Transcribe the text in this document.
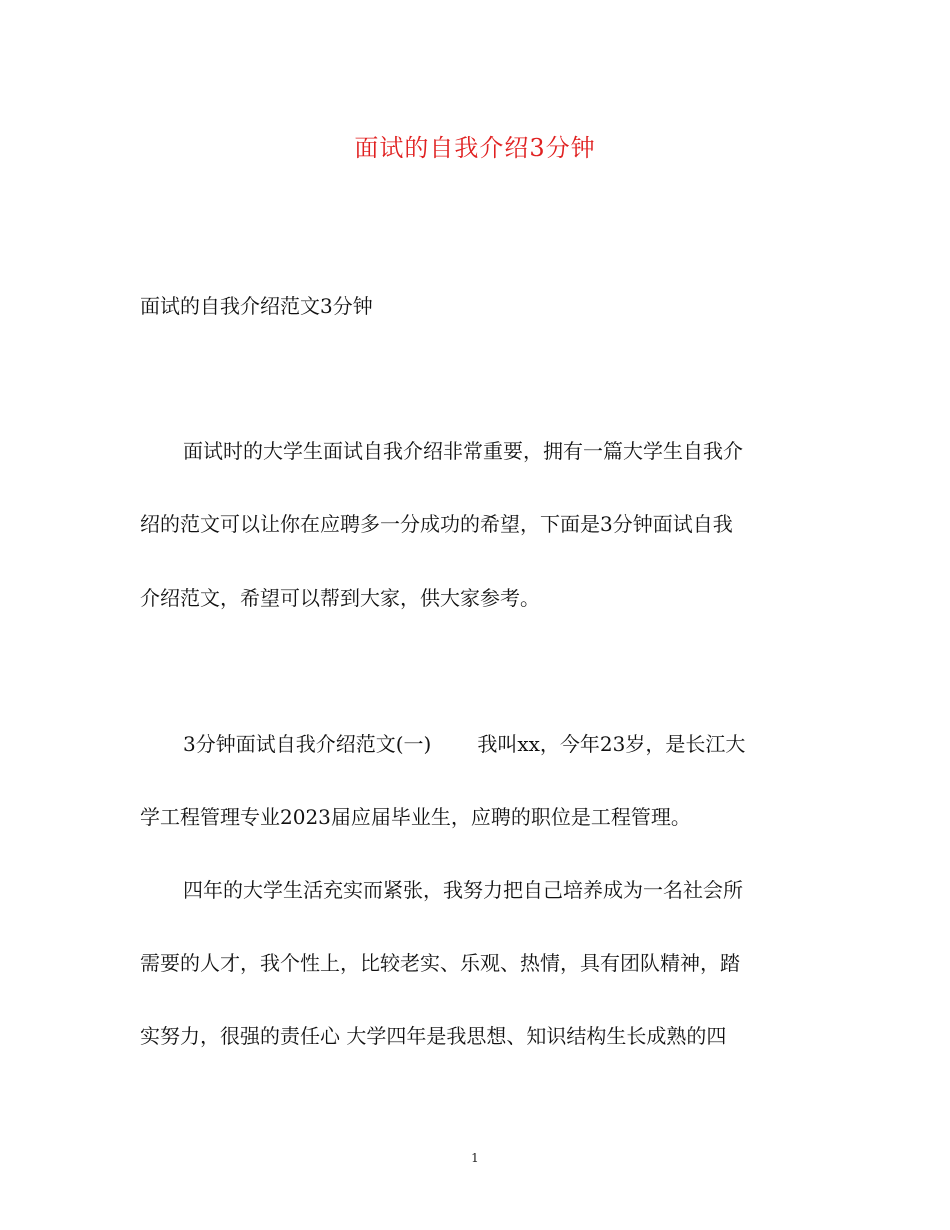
面试的自我介绍3分钟
面试的自我介绍范文3分钟
面试时的大学生面试自我介绍非常重要，拥有一篇大学生自我介
绍的范文可以让你在应聘多一分成功的希望，下面是3分钟面试自我
介绍范文，希望可以帮到大家，供大家参考。
3分钟面试自我介绍范文(一) 我叫xx，今年23岁，是长江大
学工程管理专业2023届应届毕业生，应聘的职位是工程管理。
四年的大学生活充实而紧张，我努力把自己培养成为一名社会所
需要的人才，我个性上，比较老实、乐观、热情，具有团队精神，踏
实努力，很强的责任心 大学四年是我思想、知识结构生长成熟的四
1
